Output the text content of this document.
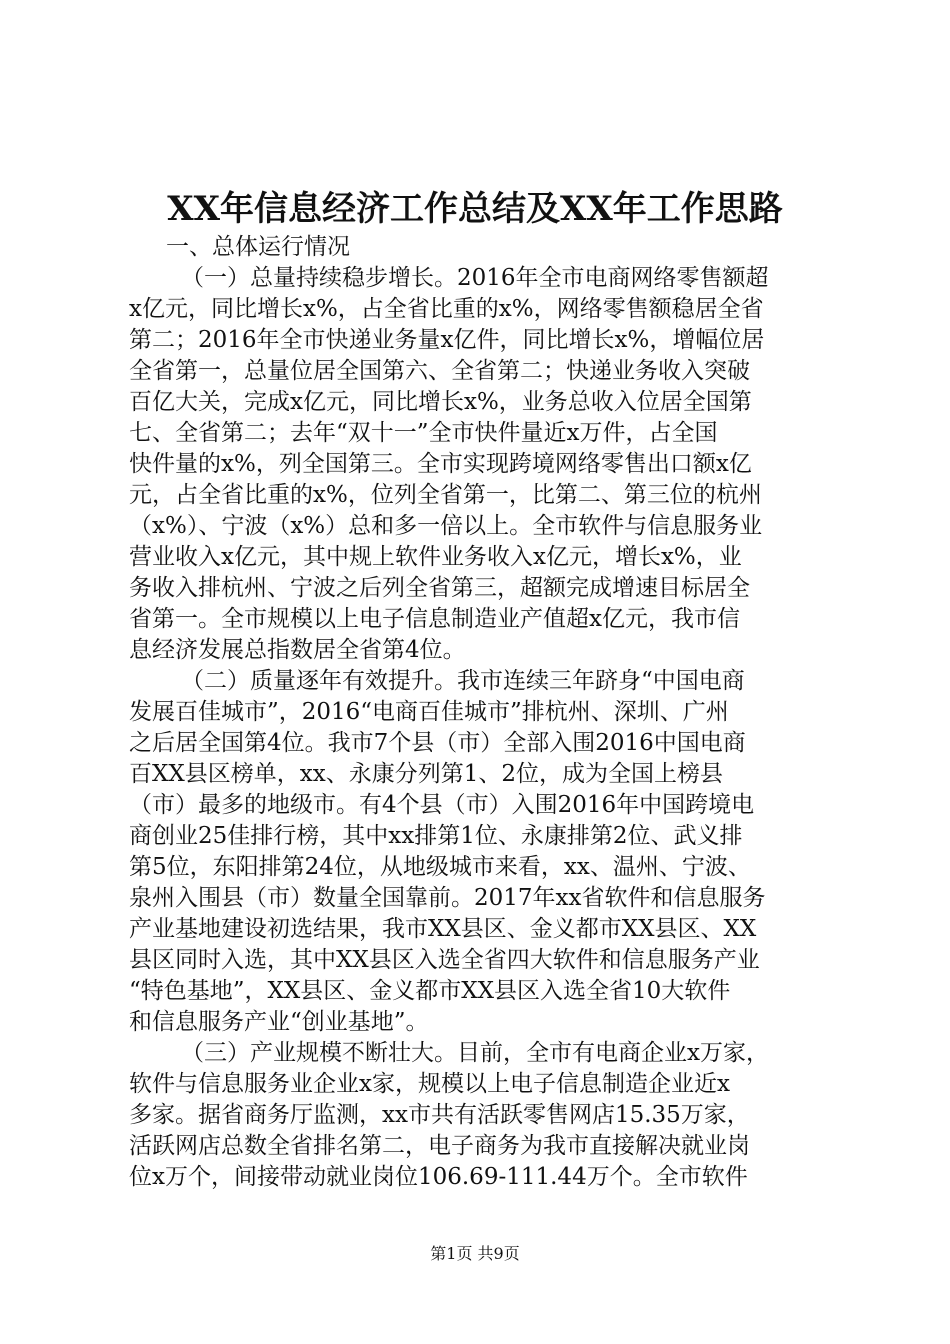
XX年信息经济工作总结及XX年工作思路
一、总体运行情况
（一）总量持续稳步增长。2016年全市电商网络零售额超
x亿元，同比增长x%，占全省比重的x%，网络零售额稳居全省
第二；2016年全市快递业务量x亿件，同比增长x%，增幅位居
全省第一，总量位居全国第六、全省第二；快递业务收入突破
百亿大关，完成x亿元，同比增长x%，业务总收入位居全国第
七、全省第二；去年“双十一”全市快件量近x万件，占全国
快件量的x%，列全国第三。全市实现跨境网络零售出口额x亿
元，占全省比重的x%，位列全省第一，比第二、第三位的杭州
（x%）、宁波（x%）总和多一倍以上。全市软件与信息服务业
营业收入x亿元，其中规上软件业务收入x亿元，增长x%，业
务收入排杭州、宁波之后列全省第三，超额完成增速目标居全
省第一。全市规模以上电子信息制造业产值超x亿元，我市信
息经济发展总指数居全省第4位。
（二）质量逐年有效提升。我市连续三年跻身“中国电商
发展百佳城市”，2016“电商百佳城市”排杭州、深圳、广州
之后居全国第4位。我市7个县（市）全部入围2016中国电商
百XX县区榜单，xx、永康分列第1、2位，成为全国上榜县
（市）最多的地级市。有4个县（市）入围2016年中国跨境电
商创业25佳排行榜，其中xx排第1位、永康排第2位、武义排
第5位，东阳排第24位，从地级城市来看，xx、温州、宁波、
泉州入围县（市）数量全国靠前。2017年xx省软件和信息服务
产业基地建设初选结果，我市XX县区、金义都市XX县区、XX
县区同时入选，其中XX县区入选全省四大软件和信息服务产业
“特色基地”，XX县区、金义都市XX县区入选全省10大软件
和信息服务产业“创业基地”。
（三）产业规模不断壮大。目前，全市有电商企业x万家，
软件与信息服务业企业x家，规模以上电子信息制造企业近x
多家。据省商务厅监测，xx市共有活跃零售网店15.35万家，
活跃网店总数全省排名第二，电子商务为我市直接解决就业岗
位x万个，间接带动就业岗位106.69-111.44万个。全市软件
第1页 共9页
